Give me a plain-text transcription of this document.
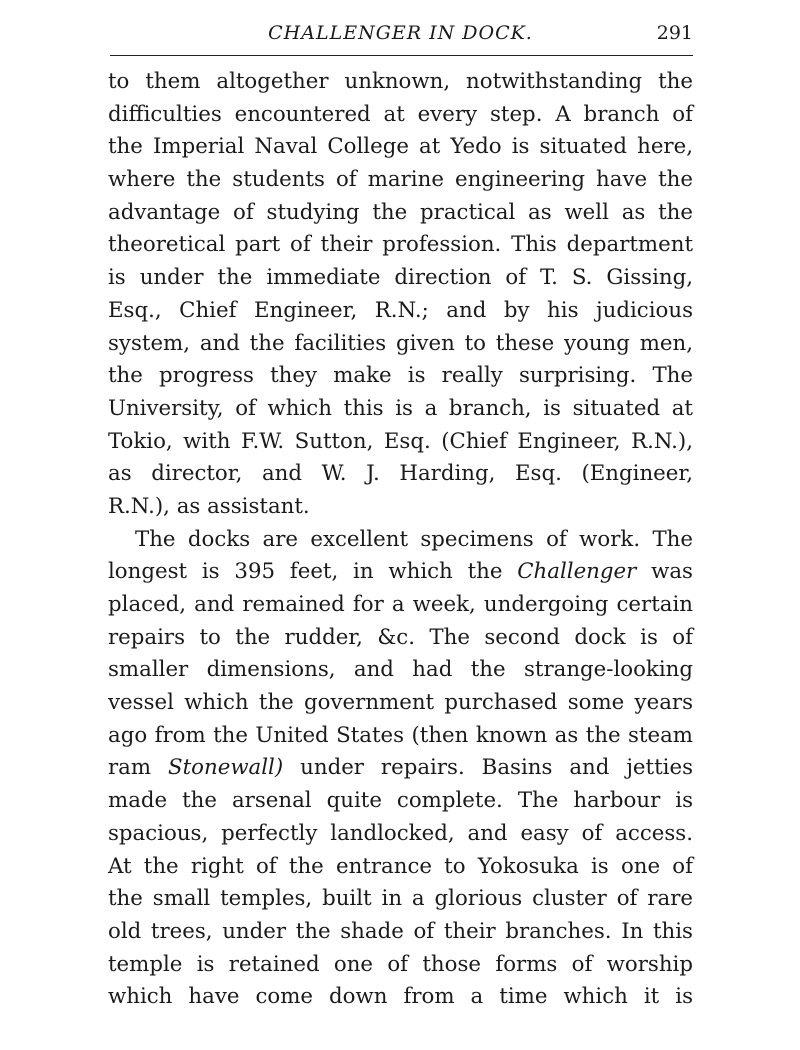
CHALLENGER IN DOCK.	291
to them altogether unknown, notwithstanding the
difficulties encountered at every step. A branch of
the Imperial Naval College at Yedo is situated here,
where the students of marine engineering have the
advantage of studying the practical as well as the
theoretical part of their profession. This department
is under the immediate direction of T. S. Gissing,
Esq., Chief Engineer, R.N.; and by his judicious
system, and the facilities given to these young men,
the progress they make is really surprising. The
University, of which this is a branch, is situated at
Tokio, with F.W. Sutton, Esq. (Chief Engineer, R.N.),
as director, and W. J. Harding, Esq. (Engineer,
R.N.), as assistant.
The docks are excellent specimens of work. The
longest is 395 feet, in which the Challenger was
placed, and remained for a week, undergoing certain
repairs to the rudder, &c. The second dock is of
smaller dimensions, and had the strange-looking
vessel which the government purchased some years
ago from the United States (then known as the steam
ram Stonewall) under repairs. Basins and jetties
made the arsenal quite complete. The harbour is
spacious, perfectly landlocked, and easy of access.
At the right of the entrance to Yokosuka is one of
the small temples, built in a glorious cluster of rare
old trees, under the shade of their branches. In this
temple is retained one of those forms of worship
which have come down from a time which it is
